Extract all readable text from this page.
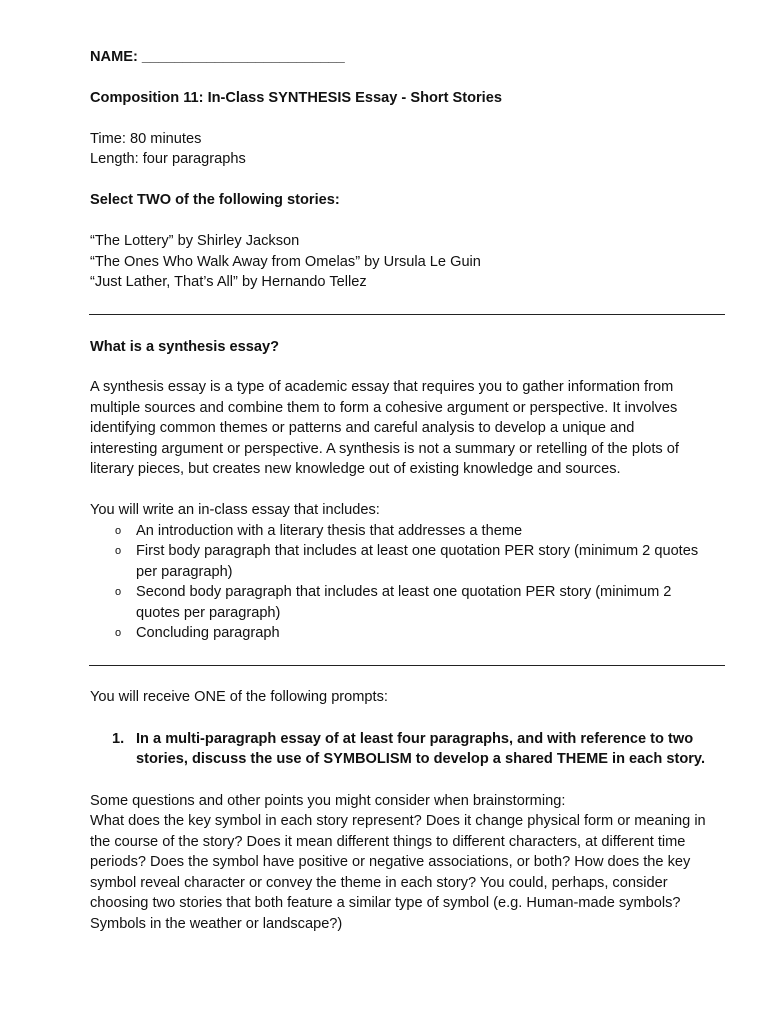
NAME: _________________________
Composition 11: In-Class SYNTHESIS Essay - Short Stories
Time: 80 minutes
Length: four paragraphs
Select TWO of the following stories:
“The Lottery” by Shirley Jackson
“The Ones Who Walk Away from Omelas” by Ursula Le Guin
“Just Lather, That’s All” by Hernando Tellez
What is a synthesis essay?
A synthesis essay is a type of academic essay that requires you to gather information from
multiple sources and combine them to form a cohesive argument or perspective. It involves
identifying common themes or patterns and careful analysis to develop a unique and
interesting argument or perspective. A synthesis is not a summary or retelling of the plots of
literary pieces, but creates new knowledge out of existing knowledge and sources.
You will write an in-class essay that includes:
o An introduction with a literary thesis that addresses a theme
o First body paragraph that includes at least one quotation PER story (minimum 2 quotes
per paragraph)
o Second body paragraph that includes at least one quotation PER story (minimum 2
quotes per paragraph)
o Concluding paragraph
You will receive ONE of the following prompts:
1. In a multi-paragraph essay of at least four paragraphs, and with reference to two
stories, discuss the use of SYMBOLISM to develop a shared THEME in each story.
Some questions and other points you might consider when brainstorming:
What does the key symbol in each story represent? Does it change physical form or meaning in
the course of the story? Does it mean different things to different characters, at different time
periods? Does the symbol have positive or negative associations, or both? How does the key
symbol reveal character or convey the theme in each story? You could, perhaps, consider
choosing two stories that both feature a similar type of symbol (e.g. Human-made symbols?
Symbols in the weather or landscape?)
